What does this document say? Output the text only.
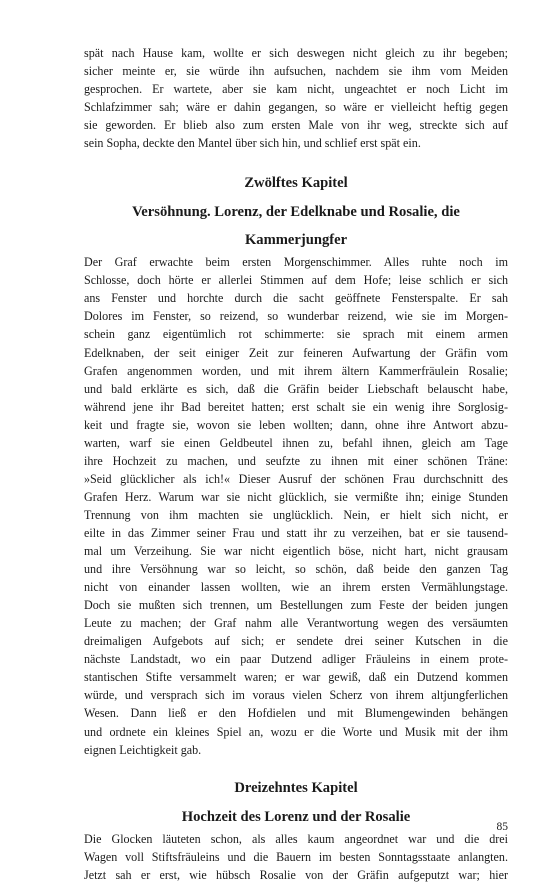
spät nach Hause kam, wollte er sich deswegen nicht gleich zu ihr begeben;
sicher meinte er, sie würde ihn aufsuchen, nachdem sie ihm vom Meiden
gesprochen. Er wartete, aber sie kam nicht, ungeachtet er noch Licht im
Schlafzimmer sah; wäre er dahin gegangen, so wäre er vielleicht heftig gegen
sie geworden. Er blieb also zum ersten Male von ihr weg, streckte sich auf
sein Sopha, deckte den Mantel über sich hin, und schlief erst spät ein.
Zwölftes Kapitel
Versöhnung. Lorenz, der Edelknabe und Rosalie, die
Kammerjungfer
Der Graf erwachte beim ersten Morgenschimmer. Alles ruhte noch im
Schlosse, doch hörte er allerlei Stimmen auf dem Hofe; leise schlich er sich
ans Fenster und horchte durch die sacht geöffnete Fensterspalte. Er sah
Dolores im Fenster, so reizend, so wunderbar reizend, wie sie im Morgen-
schein ganz eigentümlich rot schimmerte: sie sprach mit einem armen
Edelknaben, der seit einiger Zeit zur feineren Aufwartung der Gräfin vom
Grafen angenommen worden, und mit ihrem ältern Kammerfräulein Rosalie;
und bald erklärte es sich, daß die Gräfin beider Liebschaft belauscht habe,
während jene ihr Bad bereitet hatten; erst schalt sie ein wenig ihre Sorglosig-
keit und fragte sie, wovon sie leben wollten; dann, ohne ihre Antwort abzu-
warten, warf sie einen Geldbeutel ihnen zu, befahl ihnen, gleich am Tage
ihre Hochzeit zu machen, und seufzte zu ihnen mit einer schönen Träne:
»Seid glücklicher als ich!« Dieser Ausruf der schönen Frau durchschnitt des
Grafen Herz. Warum war sie nicht glücklich, sie vermißte ihn; einige Stunden
Trennung von ihm machten sie unglücklich. Nein, er hielt sich nicht, er
eilte in das Zimmer seiner Frau und statt ihr zu verzeihen, bat er sie tausend-
mal um Verzeihung. Sie war nicht eigentlich böse, nicht hart, nicht grausam
und ihre Versöhnung war so leicht, so schön, daß beide den ganzen Tag
nicht von einander lassen wollten, wie an ihrem ersten Vermählungstage.
Doch sie mußten sich trennen, um Bestellungen zum Feste der beiden jungen
Leute zu machen; der Graf nahm alle Verantwortung wegen des versäumten
dreimaligen Aufgebots auf sich; er sendete drei seiner Kutschen in die
nächste Landstadt, wo ein paar Dutzend adliger Fräuleins in einem prote-
stantischen Stifte versammelt waren; er war gewiß, daß ein Dutzend kommen
würde, und versprach sich im voraus vielen Scherz von ihrem altjungferlichen
Wesen. Dann ließ er den Hofdielen und mit Blumengewinden behängen
und ordnete ein kleines Spiel an, wozu er die Worte und Musik mit der ihm
eignen Leichtigkeit gab.
Dreizehntes Kapitel
Hochzeit des Lorenz und der Rosalie
Die Glocken läuteten schon, als alles kaum angeordnet war und die drei
Wagen voll Stiftsfräuleins und die Bauern im besten Sonntagsstaate anlangten.
Jetzt sah er erst, wie hübsch Rosalie von der Gräfin aufgeputzt war; hier
85
